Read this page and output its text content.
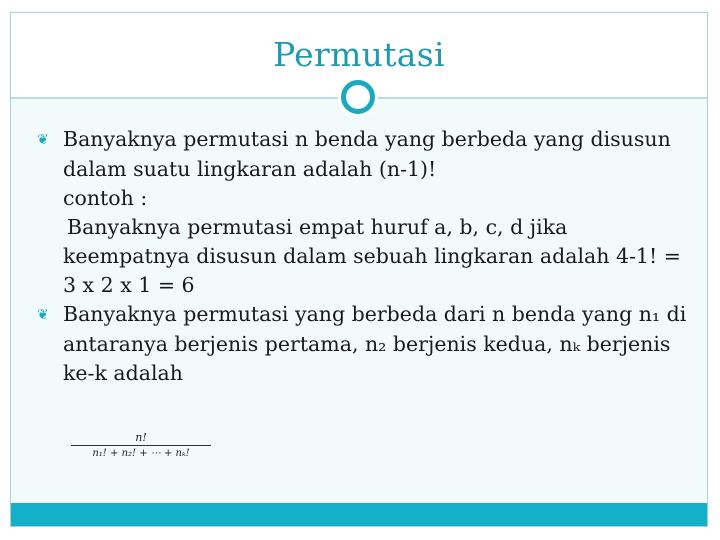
Permutasi

❦ Banyaknya permutasi n benda yang berbeda yang disusun

dalam suatu lingkaran adalah (n-1)!

contoh :

Banyaknya permutasi empat huruf a, b, c, d jika

keempatnya disusun dalam sebuah lingkaran adalah 4-1! =

3 x 2 x 1 = 6

❦ Banyaknya permutasi yang berbeda dari n benda yang n₁ di

antaranya berjenis pertama, n₂ berjenis kedua, nₖ berjenis

ke-k adalah

$\frac{n!}{\text{n₁! + n₂! + ⋯ + nₖ!}}$
